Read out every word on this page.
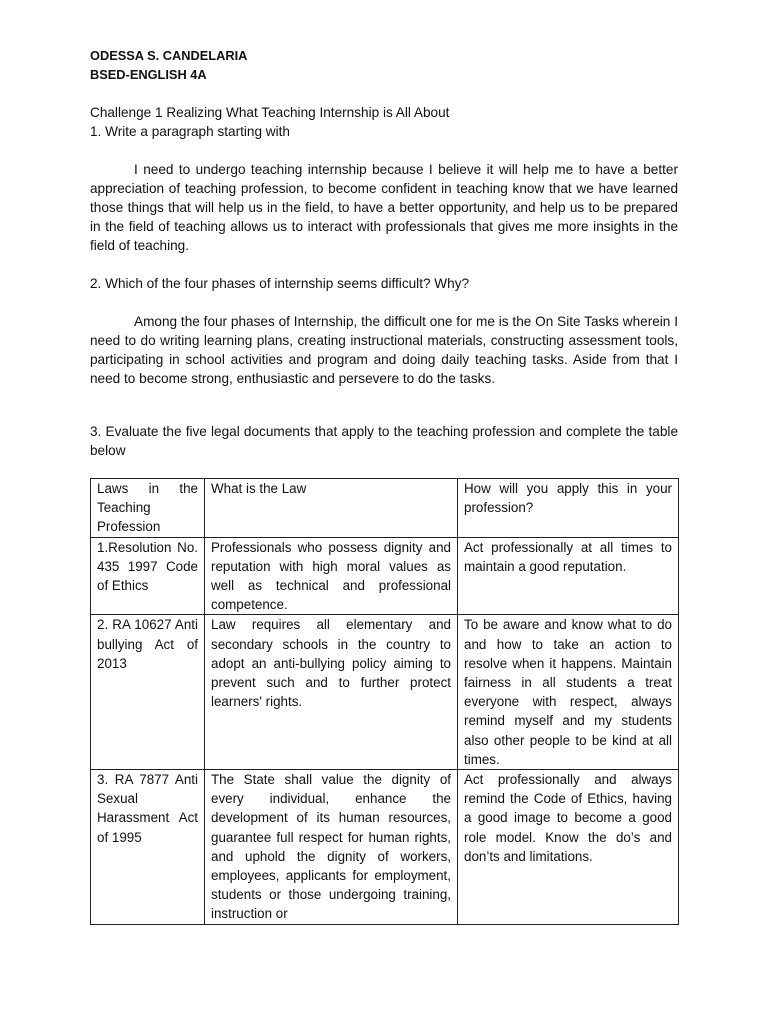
ODESSA S. CANDELARIA
BSED-ENGLISH 4A

Challenge 1 Realizing What Teaching Internship is All About

1. Write a paragraph starting with

I need to undergo teaching internship because I believe it will help me to have a better appreciation of teaching profession, to become confident in teaching know that we have learned those things that will help us in the field, to have a better opportunity, and help us to be prepared in the field of teaching allows us to interact with professionals that gives me more insights in the field of teaching.

2. Which of the four phases of internship seems difficult? Why?

Among the four phases of Internship, the difficult one for me is the On Site Tasks wherein I need to do writing learning plans, creating instructional materials, constructing assessment tools, participating in school activities and program and doing daily teaching tasks. Aside from that I need to become strong, enthusiastic and persevere to do the tasks.

3. Evaluate the five legal documents that apply to the teaching profession and complete the table below

Laws in the Teaching Profession	What is the Law	How will you apply this in your profession?
1.Resolution No. 435 1997 Code of Ethics	Professionals who possess dignity and reputation with high moral values as well as technical and professional competence.	Act professionally at all times to maintain a good reputation.
2. RA 10627 Anti bullying Act of 2013	Law requires all elementary and secondary schools in the country to adopt an anti-bullying policy aiming to prevent such and to further protect learners' rights.	To be aware and know what to do and how to take an action to resolve when it happens. Maintain fairness in all students a treat everyone with respect, always remind myself and my students also other people to be kind at all times.
3. RA 7877 Anti Sexual Harassment Act of 1995	The State shall value the dignity of every individual, enhance the development of its human resources, guarantee full respect for human rights, and uphold the dignity of workers, employees, applicants for employment, students or those undergoing training, instruction or	Act professionally and always remind the Code of Ethics, having a good image to become a good role model. Know the do’s and don’ts and limitations.
